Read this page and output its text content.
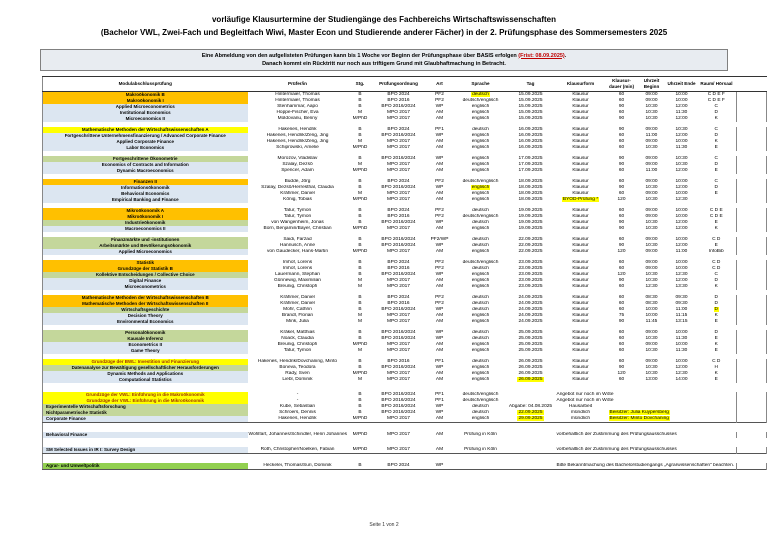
vorläufige Klausurtermine der Studiengänge des Fachbereichs Wirtschaftswissenschaften
(Bachelor VWL, Zwei-Fach und Begleitfach Wiwi, Master Econ und Studierende anderer Fächer) in der 2. Prüfungsphase des Sommersemesters 2025
Eine Abmeldung von den aufgelisteten Prüfungen kann bis 1 Woche vor Beginn der Prüfungsphase über BASIS erfolgen (Frist: 08.09.2025).
Danach kommt ein Rücktritt nur noch aus triftigem Grund mit Glaubhaftmachung in Betracht.
Modulabschlussprüfung	Prüfer/in	Stg.	Prüfungsordnung	Art	Sprache	Tag	Klausurform	Klausur-dauer (min)	Uhrzeit Beginn	Uhrzeit Ende	Raum/ Hörsaal	
Makroökonomik B	Hintermaier, Thomas	B	BPO 2024	PF2	deutsch	15.09.2025	Klausur	60	09:00	10:00	C D E F	
Makroökonomik I	Hintermaier, Thomas	B	BPO 2016	PF2	deutsch/englisch	15.09.2025	Klausur	60	09:00	10:00	C D E F	
Applied Microeconometrics	Stenhammar, Aapo	B	BPO 2016/2024	WP	englisch	15.09.2025	Klausur	90	10:30	12:00	C	
Institutional Economics	Hoppe-Fischer, Eva	M	MPO 2017	AM	englisch	15.09.2025	Klausur	60	10:30	11:30	D	
Microeconomics II	Moldovanu, Benny	M/PhD	MPO 2017	AM	englisch	15.09.2025	Klausur	90	10:30	12:00	K	

Mathematische Methoden der Wirtschaftswissenschaften A	Hakenes, Hendrik	B	BPO 2024	PF1	deutsch	16.09.2025	Klausur	90	09:00	10:30	C	
Fortgeschrittene Unternehmensfinanzierung / Advanced Corporate Finance	Hakenes, Hendrik/Zeng, Jing	B	BPO 2016/2024	WP	englisch	16.09.2025	Klausur	60	11:00	12:00	D	
Applied Corporate Finance	Hakenes, Hendrik/Zeng, Jing	M	MPO 2017	AM	englisch	16.09.2025	Klausur	60	09:00	10:00	K	
Labor Economics	Schiprowski, Amelie	M/PhD	MPO 2017	AM	englisch	16.09.2025	Klausur	60	10:30	11:30	E	

Fortgeschrittene Ökonometrie	Morozov, Vladislav	B	BPO 2016/2024	WP	englisch	17.09.2025	Klausur	90	09:00	10:30	C	
Economics of Contracts and Information	Szalay, Dezsö	M	MPO 2017	AM	englisch	17.09.2025	Klausur	90	09:00	10:30	D	
Dynamic Macroeconomics	Spencer, Adam	M/PhD	MPO 2017	AM	englisch	17.09.2025	Klausur	60	11:00	12:00	E	

Finanzen II	Budde, Jörg	B	BPO 2024	PF2	deutsch/englisch	18.09.2025	Klausur	60	09:00	10:00	C	
Informationsökonomik	Szalay, Dezsö/Herresthal, Claudia	B	BPO 2016/2024	WP	englisch	18.09.2025	Klausur	90	10:30	12:00	D	
Behavioral Economics	Krähmer, Daniel	M	MPO 2017	AM	englisch	18.09.2025	Klausur	60	09:00	10:00	E	
Empirical Banking and Finance	König, Tobias	M/PhD	MPO 2017	AM	englisch	18.09.2025	BYOD-Prüfung *	120	10:30	12:30		

Mikroökonomik A	Tatur, Tymon	B	BPO 2024	PF2	deutsch	19.09.2025	Klausur	60	09:00	10:00	C D E	
Mikroökonomik I	Tatur, Tymon	B	BPO 2016	PF2	deutsch/englisch	19.09.2025	Klausur	60	09:00	10:00	C D E	
Industrieökonomik	von Wangenheim, Jonas	B	BPO 2016/2024	WP	deutsch	19.09.2025	Klausur	90	10:30	12:00	E	
Macroeconomics II	Born, Benjamin/Bayer, Christian	M/PhD	MPO 2017	AM	englisch	19.09.2025	Klausur	90	10:30	12:00	K	

Finanzmärkte und -institutionen	Saidi, Farzad	B	BPO 2016/2024	PF2/WP	deutsch	22.09.2025	Klausur	60	09:00	10:00	C D	
Arbeitsmärkte und Bevölkerungsökonomik	Hannusch, Anne	B	BPO 2016/2024	WP	deutsch	22.09.2025	Klausur	90	10:30	12:00	E	
Applied Microeconomics	von Gaudecker, Hans-Martin	M/PhD	MPO 2017	AM	englisch	22.09.2025	Klausur	120	09:00	11:00	InfoBib	

Statistik	Imhof, Lorens	B	BPO 2024	PF2	deutsch/englisch	23.09.2025	Klausur	60	09:00	10:00	C D	
Grundzüge der Statistik B	Imhof, Lorens	B	BPO 2016	PF2	deutsch	23.09.2025	Klausur	60	09:00	10:00	C D	
Kollektive Entscheidungen / Collective Choice	Lauermann, Stephan	B	BPO 2016/2024	WP	englisch	23.09.2025	Klausur	120	10:30	12:30	C	
Digital Finance	Günnewig, Maximilian	M	MPO 2017	AM	englisch	23.09.2025	Klausur	90	10:30	12:00	D	
Microeconometrics	Breunig, Christoph	M	MPO 2017	AM	englisch	23.09.2025	Klausur	60	12:30	13:30	K	

Mathematische Methoden der Wirtschaftswissenschaften B	Krähmer, Daniel	B	BPO 2024	PF2	deutsch	24.09.2025	Klausur	60	08:30	09:30	D	
Mathematische Methoden der Wirtschaftswissenschaften II	Krähmer, Daniel	B	BPO 2016	PF2	deutsch	24.09.2025	Klausur	60	08:30	09:30	D	
Wirtschaftsgeschichte	Mohr, Cathrin	B	BPO 2016/2024	WP	deutsch	24.09.2025	Klausur	60	10:00	11:00	D	
Decision Theory	Brandl, Florian	M	MPO 2017	AM	englisch	24.09.2025	Klausur	75	10:00	11:15	K	
Environmental Economics	Mink, Julia	M	MPO 2017	AM	englisch	24.09.2025	Klausur	90	11:45	13:15	E	

Personalökonomik	Kräkel, Matthias	B	BPO 2016/2024	WP	deutsch	25.09.2025	Klausur	60	09:00	10:00	D	
Kausale Inferenz	Noack, Claudia	B	BPO 2016/2024	WP	deutsch	25.09.2025	Klausur	60	10:30	11:30	E	
Econometrics II	Breunig, Christoph	M/PhD	MPO 2017	AM	englisch	25.09.2025	Klausur	60	09:00	10:00	K	
Game Theory	Tatur, Tymon	M	MPO 2017	AM	englisch	25.09.2025	Klausur	60	10:30	11:30	E	

Grundzüge der BWL: Investition und Finanzierung	Hakenes, Hendrik/Dovchaning, Minto	B	BPO 2016	PF1	deutsch	26.09.2025	Klausur	60	09:00	10:00	C D	
Datenanalyse zur Bewältigung gesellschaftlicher Herausforderungen	Boneva, Teodora	B	BPO 2016/2024	WP	englisch	26.09.2025	Klausur	90	10:30	12:00	H	
Dynamic Methods and Applications	Rady, Sven	M/PhD	MPO 2017	AM	englisch	26.09.2025	Klausur	120	10:30	12:30	K	
Computational Statistics	Liebl, Dominik	M	MPO 2017	AM	englisch	26.09.2025	Klausur	60	13:00	14:00	E	

Grundzüge der VWL: Einführung in die Makroökonomik	-	B	BPO 2016/2024	PF1	deutsch/englisch		Angebot nur noch im WiSe					
Grundzüge der VWL: Einführung in die Mikroökonomik	-	B	BPO 2016/2024	PF1	deutsch/englisch		Angebot nur noch im WiSe					
Experimentelle Wirtschaftsforschung	Kube, Sebastian	B	BPO 2016/2024	WP	deutsch	Abgabe: 04.08.2025	Hausarbeit					
Nichtparametrische Statistik	Schroers, Dennis	B	BPO 2016/2024	WP	deutsch	22.09.2025	mündlich	Beisitzer: Julia Kuypersberg				
Corporate Finance	Hakenes, Hendrik	M/PhD	MPO 2017	AM	englisch	29.09.2025	mündlich	Beisitzer: Minto Dovchaning				

Behavioral Finance	Wohlfart, Johannes/Schindler, Henri Johannes	M/PhD	MPO 2017	AM	Prüfung in Köln		vorbehaltlich der Zustimmung des Prüfungsausschusses					

SM Selected Issues in IR I: Survey Design	Roth, Christopher/Noelken, Fabian	M/PhD	MPO 2017	AM	Prüfung in Köln		vorbehaltlich der Zustimmung des Prüfungsausschusses					

Agrar- und Umweltpolitik	Heckelei, Thomas/Suri, Dominik	B	BPO 2024	WP			Bitte Bekanntmachung des Bachelorstudiengangs „Agrarwissenschaften“ beachten.					

Seite 1 von 2
